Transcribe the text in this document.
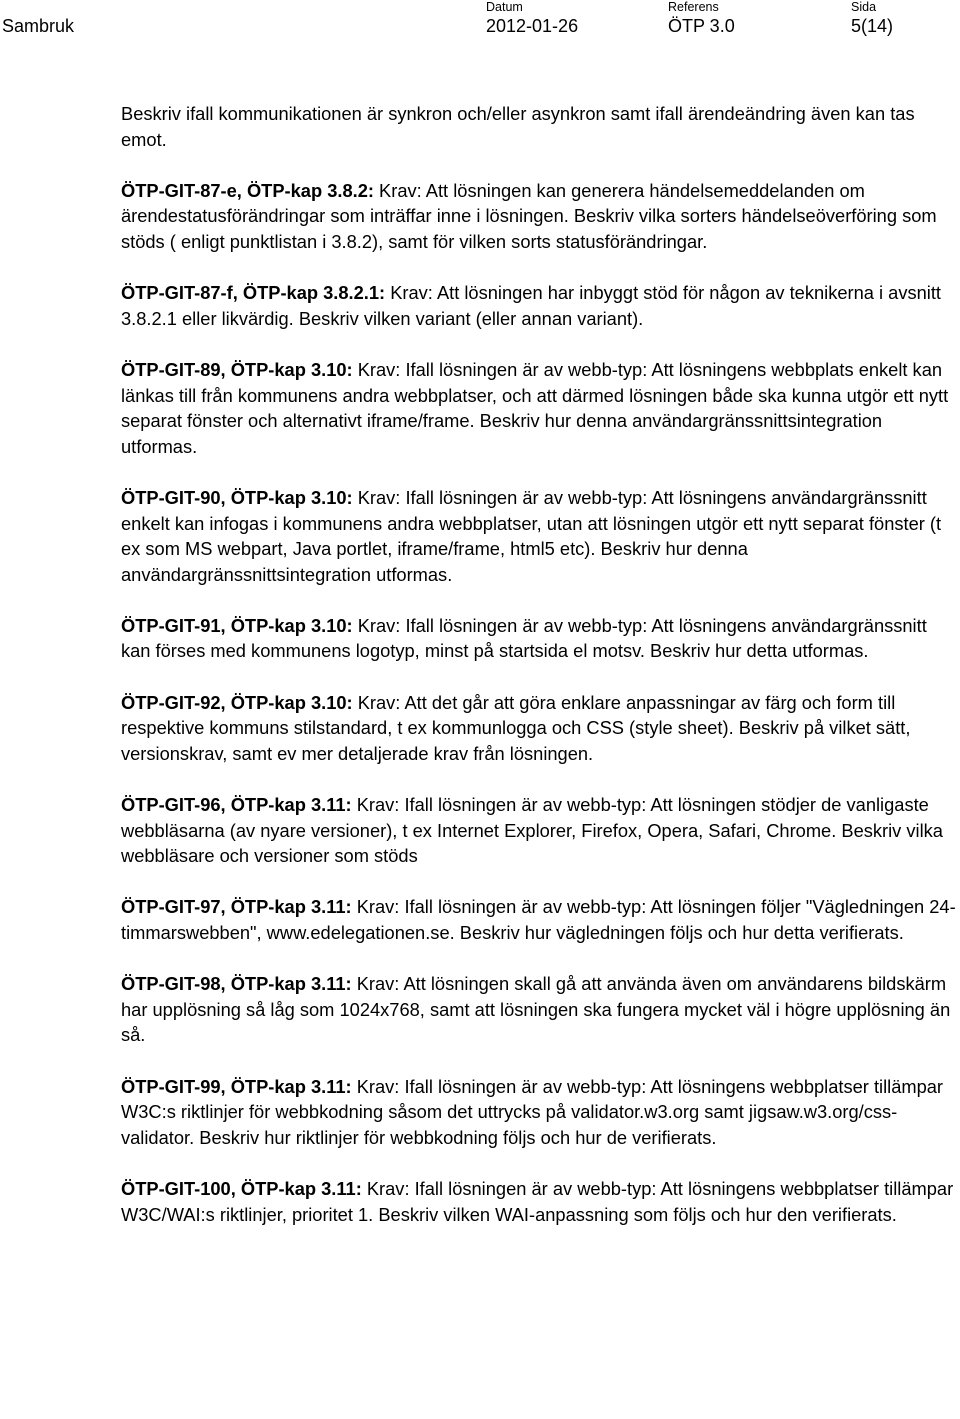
Sambruk
Datum
2012-01-26
Referens
ÖTP 3.0
Sida
5(14)

Beskriv ifall kommunikationen är synkron och/eller asynkron samt ifall ärendeändring även kan tas emot.

ÖTP-GIT-87-e, ÖTP-kap 3.8.2: Krav: Att lösningen kan generera händelsemeddelanden om ärendestatusförändringar som inträffar inne i lösningen. Beskriv vilka sorters händelseöverföring som stöds ( enligt punktlistan i 3.8.2), samt för vilken sorts statusförändringar.

ÖTP-GIT-87-f, ÖTP-kap 3.8.2.1: Krav: Att lösningen har inbyggt stöd för någon av teknikerna i avsnitt 3.8.2.1 eller likvärdig. Beskriv vilken variant (eller annan variant).

ÖTP-GIT-89, ÖTP-kap 3.10: Krav: Ifall lösningen är av webb-typ: Att lösningens webbplats enkelt kan länkas till från kommunens andra webbplatser, och att därmed lösningen både ska kunna utgör ett nytt separat fönster och alternativt iframe/frame. Beskriv hur denna användargränssnittsintegration utformas.

ÖTP-GIT-90, ÖTP-kap 3.10: Krav: Ifall lösningen är av webb-typ: Att lösningens användargränssnitt enkelt kan infogas i kommunens andra webbplatser, utan att lösningen utgör ett nytt separat fönster (t ex som MS webpart, Java portlet, iframe/frame, html5 etc). Beskriv hur denna användargränssnittsintegration utformas.

ÖTP-GIT-91, ÖTP-kap 3.10: Krav: Ifall lösningen är av webb-typ: Att lösningens användargränssnitt kan förses med kommunens logotyp, minst på startsida el motsv. Beskriv hur detta utformas.

ÖTP-GIT-92, ÖTP-kap 3.10: Krav: Att det går att göra enklare anpassningar av färg och form till respektive kommuns stilstandard, t ex kommunlogga och CSS (style sheet). Beskriv på vilket sätt, versionskrav, samt ev mer detaljerade krav från lösningen.

ÖTP-GIT-96, ÖTP-kap 3.11: Krav: Ifall lösningen är av webb-typ: Att lösningen stödjer de vanligaste webbläsarna (av nyare versioner), t ex Internet Explorer, Firefox, Opera, Safari, Chrome. Beskriv vilka webbläsare och versioner som stöds

ÖTP-GIT-97, ÖTP-kap 3.11: Krav: Ifall lösningen är av webb-typ: Att lösningen följer "Vägledningen 24-timmarswebben", www.edelegationen.se. Beskriv hur vägledningen följs och hur detta verifierats.

ÖTP-GIT-98, ÖTP-kap 3.11: Krav: Att lösningen skall gå att använda även om användarens bildskärm har upplösning så låg som 1024x768, samt att lösningen ska fungera mycket väl i högre upplösning än så.

ÖTP-GIT-99, ÖTP-kap 3.11: Krav: Ifall lösningen är av webb-typ: Att lösningens webbplatser tillämpar W3C:s riktlinjer för webbkodning såsom det uttrycks på validator.w3.org samt jigsaw.w3.org/css-validator. Beskriv hur riktlinjer för webbkodning följs och hur de verifierats.

ÖTP-GIT-100, ÖTP-kap 3.11: Krav: Ifall lösningen är av webb-typ: Att lösningens webbplatser tillämpar W3C/WAI:s riktlinjer, prioritet 1. Beskriv vilken WAI-anpassning som följs och hur den verifierats.
